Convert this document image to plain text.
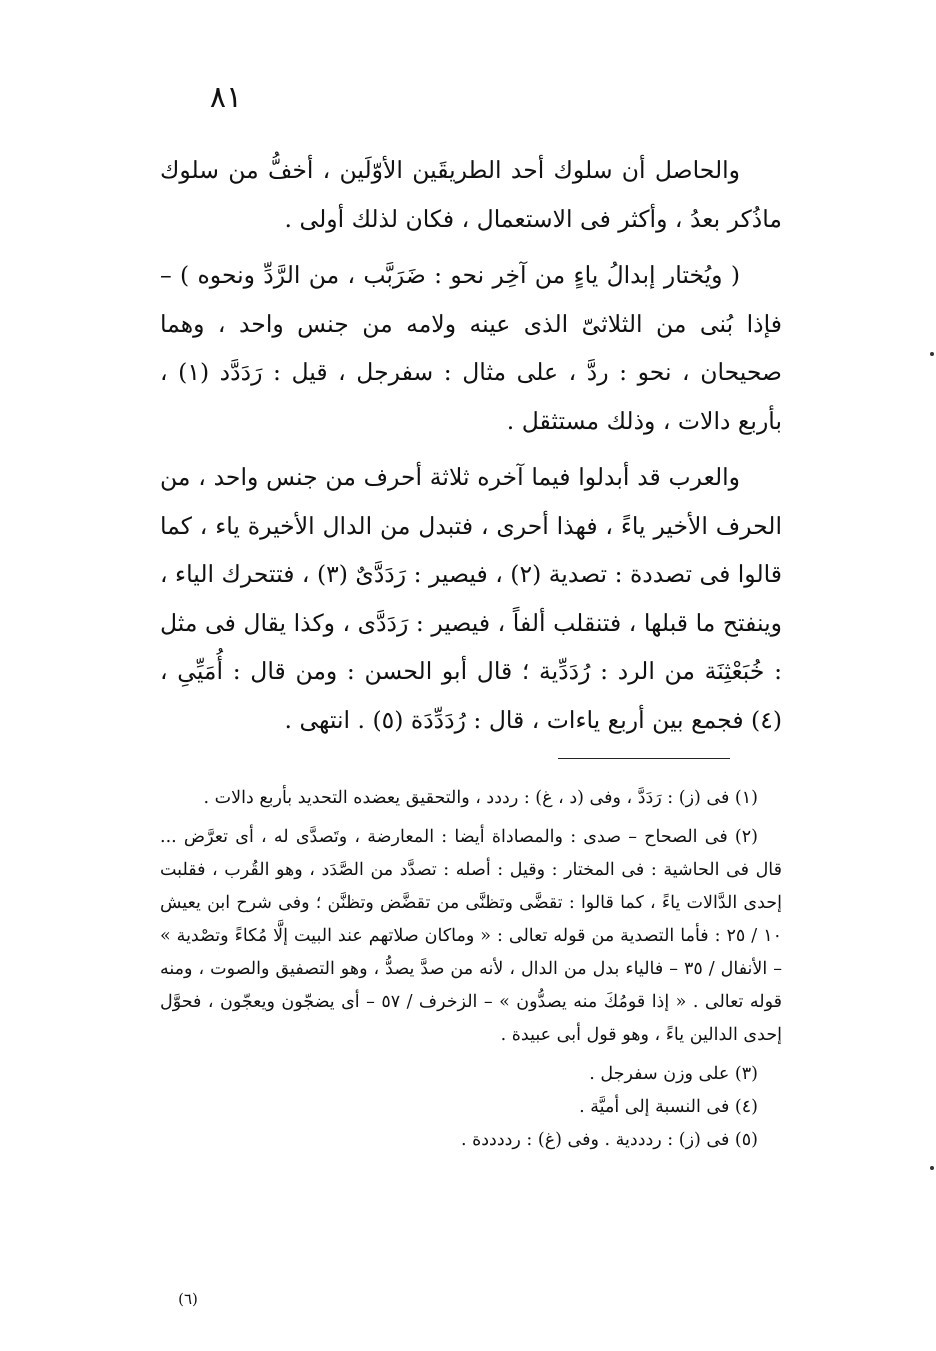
٨١

والحاصل أن سلوك أحد الطريقَين الأوّلَين ، أخفُّ من سلوك ماذُكر بعدُ ، وأكثر فى الاستعمال ، فكان لذلك أولى .

( ويُختار إبدالُ ياءٍ من آخِر نحو : ضَرَبَّب ، من الرَّدِّ ونحوه ) – فإذا بُنى من الثلاثىّ الذى عينه ولامه من جنس واحد ، وهما صحيحان ، نحو : ردَّ ، على مثال : سفرجل ، قيل : رَدَدَّد (١) ، بأربع دالات ، وذلك مستثقل .

والعرب قد أبدلوا فيما آخره ثلاثة أحرف من جنس واحد ، من الحرف الأخير ياءً ، فهذا أحرى ، فتبدل من الدال الأخيرة ياء ، كما قالوا فى تصددة : تصدية (٢) ، فيصير : رَدَدَّىٌ (٣) ، فتتحرك الياء ، وينفتح ما قبلها ، فتنقلب ألفاً ، فيصير : رَدَدَّى ، وكذا يقال فى مثل : خُبَعْثِنَة من الرد : رُدَدِّية ؛ قال أبو الحسن : ومن قال : أُمَيِّىِ ، (٤) فجمع بين أربع ياءات ، قال : رُدَدِّدَة (٥) . انتهى .

(١) فى (ز) : رَدَدَّ ، وفى (د ، غ) : رددد ، والتحقيق يعضده التحديد بأربع دالات .

(٢) فى الصحاح – صدى : والمصاداة أيضا : المعارضة ، وتَصدَّى له ، أى تعرَّض ... قال فى الحاشية : فى المختار : وقيل : أصله : تصدَّد من الصَّدَد ، وهو القُرب ، فقلبت إحدى الدَّالات ياءً ، كما قالوا : تقضَّى وتظنَّى من تقضَّض وتظنَّن ؛ وفى شرح ابن يعيش ١٠ / ٢٥ : فأما التصدية من قوله تعالى : « وماكان صلاتهم عند البيت إلَّا مُكاءً وتصْدية » – الأنفال / ٣٥ – فالياء بدل من الدال ، لأنه من صدَّ يصدُّ ، وهو التصفيق والصوت ، ومنه قوله تعالى . « إذا قومُكَ منه يصدُّون » – الزخرف / ٥٧ – أى يضجّون ويعجّون ، فحوَّل إحدى الدالين ياءً ، وهو قول أبى عبيدة .

(٣) على وزن سفرجل .

(٤) فى النسبة إلى أميَّة .

(٥) فى (ز) : ردددية . وفى (غ) : رددددة .

(٦)
